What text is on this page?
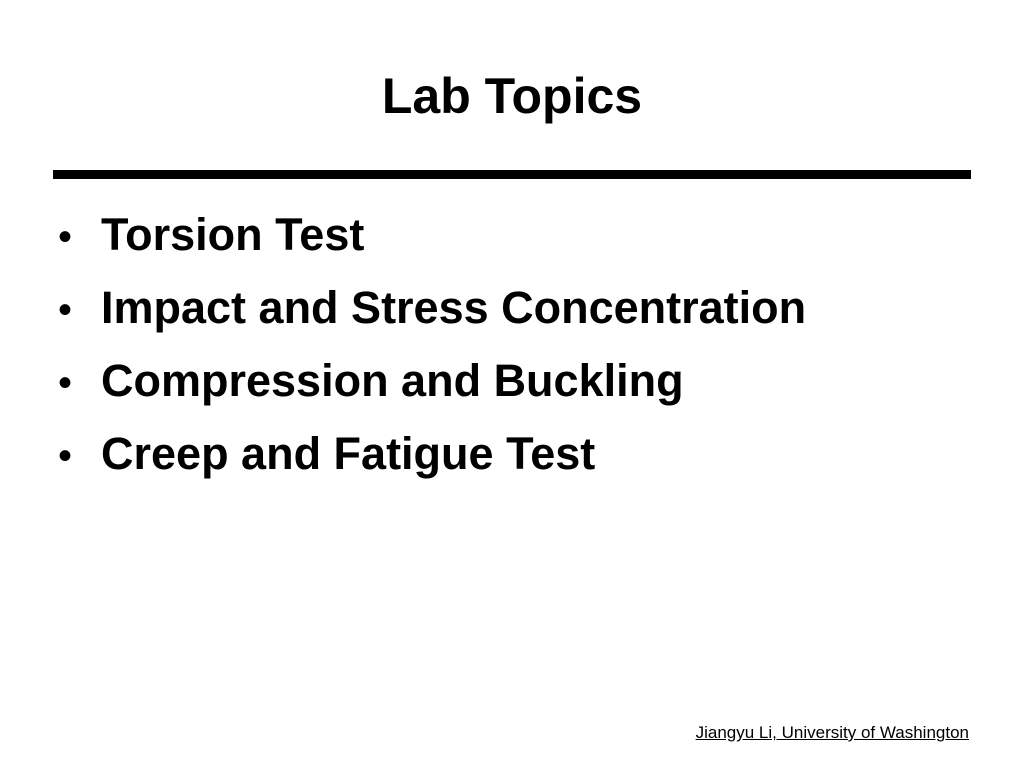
Lab Topics
• Torsion Test
• Impact and Stress Concentration
• Compression and Buckling
• Creep and Fatigue Test
Jiangyu Li, University of Washington
